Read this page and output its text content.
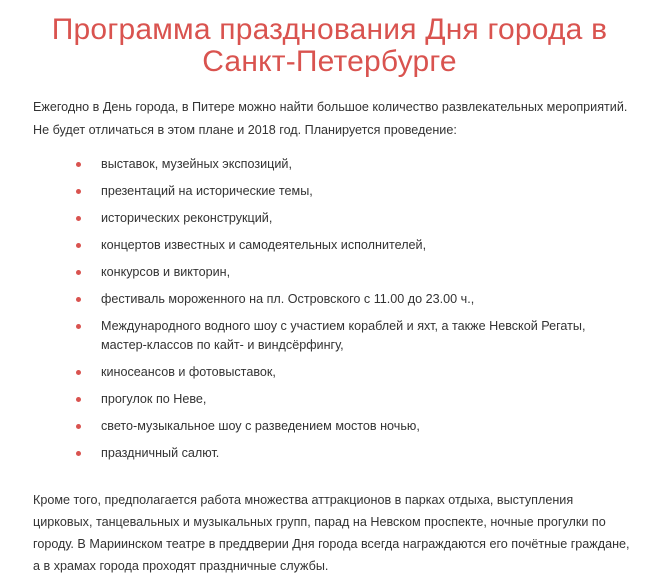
Программа празднования Дня города в Санкт-Петербурге

Ежегодно в День города, в Питере можно найти большое количество развлекательных мероприятий. Не будет отличаться в этом плане и 2018 год. Планируется проведение:

выставок, музейных экспозиций,
презентаций на исторические темы,
исторических реконструкций,
концертов известных и самодеятельных исполнителей,
конкурсов и викторин,
фестиваль мороженного на пл. Островского с 11.00 до 23.00 ч.,
Международного водного шоу с участием кораблей и яхт, а также Невской Регаты, мастер-классов по кайт- и виндсёрфингу,
киносеансов и фотовыставок,
прогулок по Неве,
свето-музыкальное шоу с разведением мостов ночью,
праздничный салют.

Кроме того, предполагается работа множества аттракционов в парках отдыха, выступления цирковых, танцевальных и музыкальных групп, парад на Невском проспекте, ночные прогулки по городу. В Мариинском театре в преддверии Дня города всегда награждаются его почётные граждане, а в храмах города проходят праздничные службы.
